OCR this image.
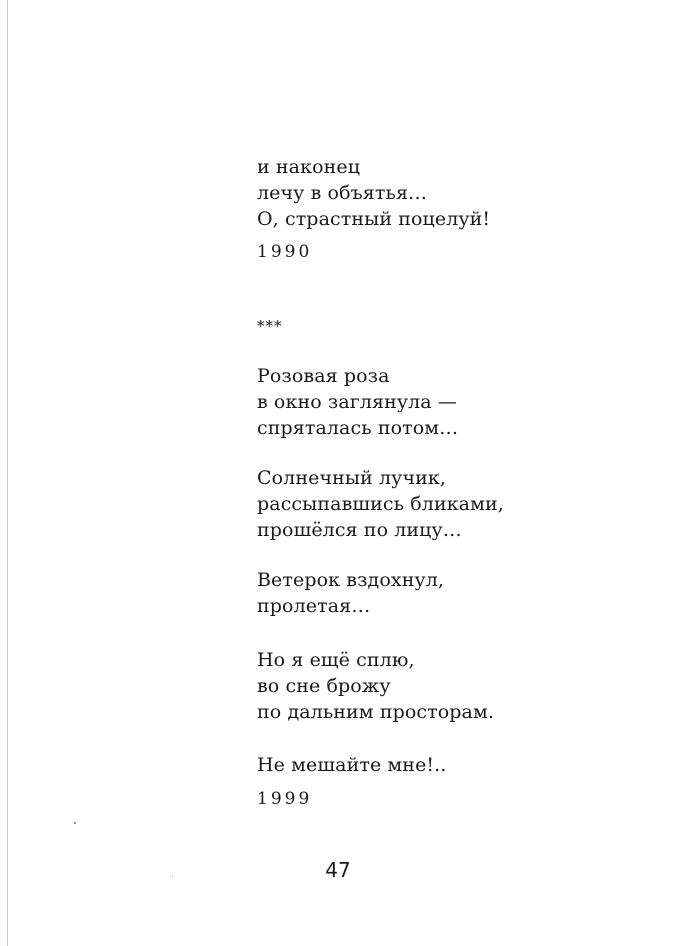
и наконец
лечу в объятья…
О, страстный поцелуй!
1990
***
Розовая роза
в окно заглянула —
спряталась потом…
Солнечный лучик,
рассыпавшись бликами,
прошёлся по лицу…
Ветерок вздохнул,
пролетая…
Но я ещё сплю,
во сне брожу
по дальним просторам.
Не мешайте мне!..
1999
47
